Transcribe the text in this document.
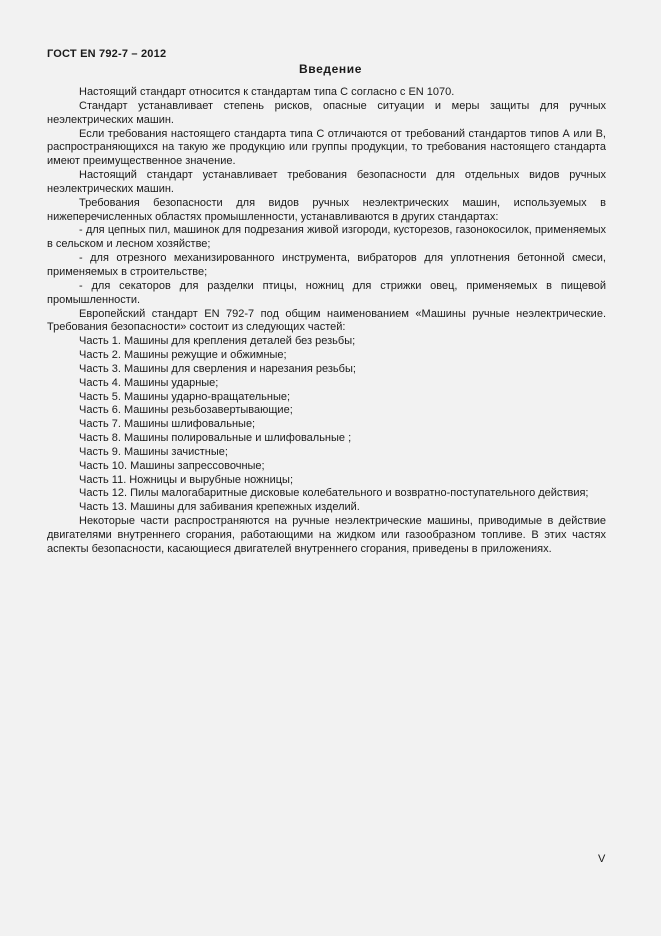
ГОСТ EN 792-7 – 2012
Введение

Настоящий стандарт относится к стандартам типа С согласно с EN 1070.

Стандарт устанавливает степень рисков, опасные ситуации и меры защиты для ручных неэлектрических машин.

Если требования настоящего стандарта типа С отличаются от требований стандартов типов А или В, распространяющихся на такую же продукцию или группы продукции, то требования настоящего стандарта имеют преимущественное значение.

Настоящий стандарт устанавливает требования безопасности для отдельных видов ручных неэлектрических машин.

Требования безопасности для видов ручных неэлектрических машин, используемых в нижеперечисленных областях промышленности, устанавливаются в других стандартах:

- для цепных пил, машинок для подрезания живой изгороди, кусторезов, газонокосилок, применяемых в сельском и лесном хозяйстве;

- для отрезного механизированного инструмента, вибраторов для уплотнения бетонной смеси, применяемых в строительстве;

- для секаторов для разделки птицы, ножниц для стрижки овец, применяемых в пищевой промышленности.

Европейский стандарт EN 792-7 под общим наименованием «Машины ручные неэлектрические. Требования безопасности» состоит из следующих частей:

Часть 1. Машины для крепления деталей без резьбы;

Часть 2. Машины режущие и обжимные;

Часть 3. Машины для сверления и нарезания резьбы;

Часть 4. Машины ударные;

Часть 5. Машины ударно-вращательные;

Часть 6. Машины резьбозавертывающие;

Часть 7. Машины шлифовальные;

Часть 8. Машины полировальные и шлифовальные ;

Часть 9. Машины зачистные;

Часть 10. Машины запрессовочные;

Часть 11. Ножницы и вырубные ножницы;

Часть 12. Пилы малогабаритные дисковые колебательного и возвратно-поступательного действия;

Часть 13. Машины для забивания крепежных изделий.

Некоторые части распространяются на ручные неэлектрические машины, приводимые в действие двигателями внутреннего сгорания, работающими на жидком или газообразном топливе. В этих частях аспекты безопасности, касающиеся двигателей внутреннего сгорания, приведены в приложениях.

V
